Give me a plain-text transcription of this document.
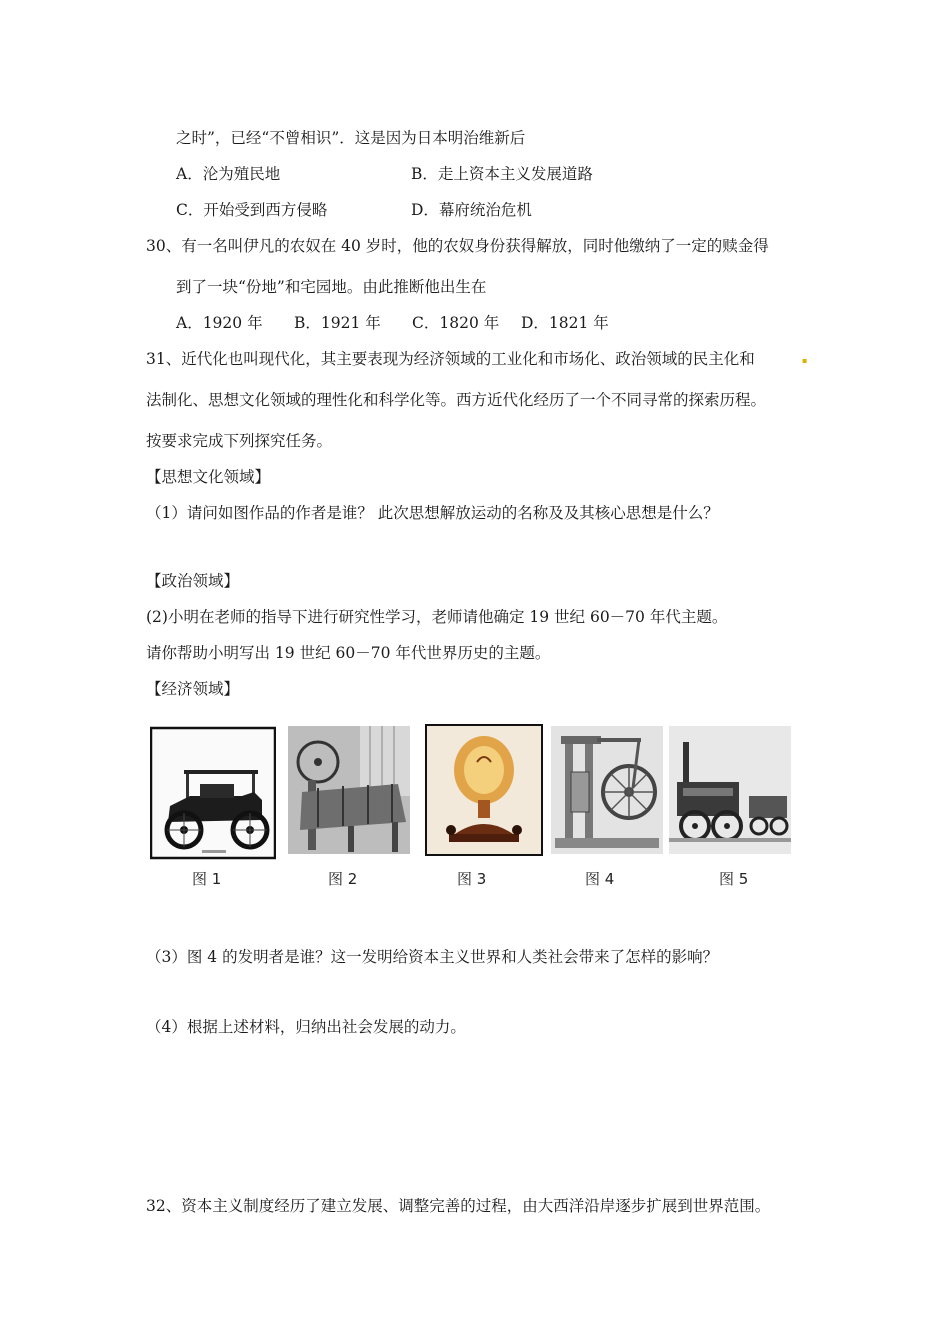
之时”，已经“不曾相识”．这是因为日本明治维新后
A．沦为殖民地	B．走上资本主义发展道路
C．开始受到西方侵略	D．幕府统治危机
30、有一名叫伊凡的农奴在 40 岁时，他的农奴身份获得解放，同时他缴纳了一定的赎金得
到了一块“份地”和宅园地。由此推断他出生在
A．1920 年 B．1921 年 C．1820 年 D．1821 年
31、近代化也叫现代化，其主要表现为经济领域的工业化和市场化、政治领域的民主化和	▪
法制化、思想文化领域的理性化和科学化等。西方近代化经历了一个不同寻常的探索历程。
按要求完成下列探究任务。
【思想文化领域】
（1）请问如图作品的作者是谁？ 此次思想解放运动的名称及及其核心思想是什么？
【政治领域】
(2)小明在老师的指导下进行研究性学习，老师请他确定 19 世纪 60－70 年代主题。
请你帮助小明写出 19 世纪 60－70 年代世界历史的主题。
【经济领域】
图 1	图 2	图 3	图 4	图 5
（3）图 4 的发明者是谁？这一发明给资本主义世界和人类社会带来了怎样的影响？
（4）根据上述材料，归纳出社会发展的动力。
32、资本主义制度经历了建立发展、调整完善的过程，由大西洋沿岸逐步扩展到世界范围。
